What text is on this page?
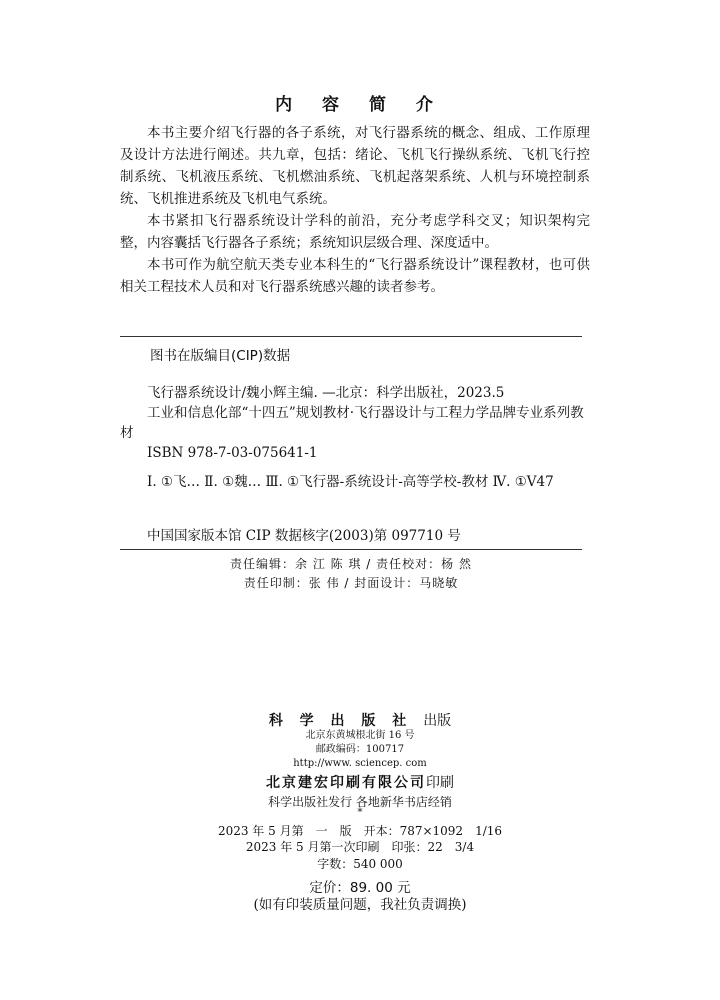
内 容 简 介

本书主要介绍飞行器的各子系统，对飞行器系统的概念、组成、工作原理及设计方法进行阐述。共九章，包括：绪论、飞机飞行操纵系统、飞机飞行控制系统、飞机液压系统、飞机燃油系统、飞机起落架系统、人机与环境控制系统、飞机推进系统及飞机电气系统。

本书紧扣飞行器系统设计学科的前沿，充分考虑学科交叉；知识架构完整，内容囊括飞行器各子系统；系统知识层级合理、深度适中。

本书可作为航空航天类专业本科生的“飞行器系统设计”课程教材，也可供相关工程技术人员和对飞行器系统感兴趣的读者参考。

图书在版编目(CIP)数据

飞行器系统设计/魏小辉主编. —北京：科学出版社，2023.5

工业和信息化部“十四五”规划教材·飞行器设计与工程力学品牌专业系列教材

ISBN 978-7-03-075641-1

Ⅰ. ①飞… Ⅱ. ①魏… Ⅲ. ①飞行器-系统设计-高等学校-教材 Ⅳ. ①V47

中国国家版本馆 CIP 数据核字(2003)第 097710 号

责任编辑：余 江 陈 琪 / 责任校对：杨 然
责任印制：张 伟 / 封面设计：马晓敏
科 学 出 版 社 出版
北京东黄城根北街 16 号
邮政编码：100717
http://www. sciencep. com
北京建宏印刷有限公司印刷
科学出版社发行 各地新华书店经销
*
2023 年 5 月第　一　版　开本：787×1092　1/16
2023 年 5 月第一次印刷　印张：22　3/4
字数：540 000
定价：89. 00 元
(如有印装质量问题，我社负责调换)
